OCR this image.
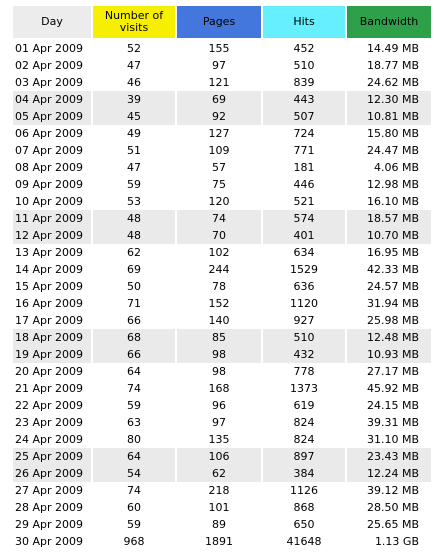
Day	Number of visits	Pages	Hits	Bandwidth

01 Apr 2009	52	155	452	14.49 MB
02 Apr 2009	47	97	510	18.77 MB
03 Apr 2009	46	121	839	24.62 MB
04 Apr 2009	39	69	443	12.30 MB
05 Apr 2009	45	92	507	10.81 MB
06 Apr 2009	49	127	724	15.80 MB
07 Apr 2009	51	109	771	24.47 MB
08 Apr 2009	47	57	181	4.06 MB
09 Apr 2009	59	75	446	12.98 MB
10 Apr 2009	53	120	521	16.10 MB
11 Apr 2009	48	74	574	18.57 MB
12 Apr 2009	48	70	401	10.70 MB
13 Apr 2009	62	102	634	16.95 MB
14 Apr 2009	69	244	1529	42.33 MB
15 Apr 2009	50	78	636	24.57 MB
16 Apr 2009	71	152	1120	31.94 MB
17 Apr 2009	66	140	927	25.98 MB
18 Apr 2009	68	85	510	12.48 MB
19 Apr 2009	66	98	432	10.93 MB
20 Apr 2009	64	98	778	27.17 MB
21 Apr 2009	74	168	1373	45.92 MB
22 Apr 2009	59	96	619	24.15 MB
23 Apr 2009	63	97	824	39.31 MB
24 Apr 2009	80	135	824	31.10 MB
25 Apr 2009	64	106	897	23.43 MB
26 Apr 2009	54	62	384	12.24 MB
27 Apr 2009	74	218	1126	39.12 MB
28 Apr 2009	60	101	868	28.50 MB
29 Apr 2009	59	89	650	25.65 MB
30 Apr 2009	968	1891	41648	1.13 GB
